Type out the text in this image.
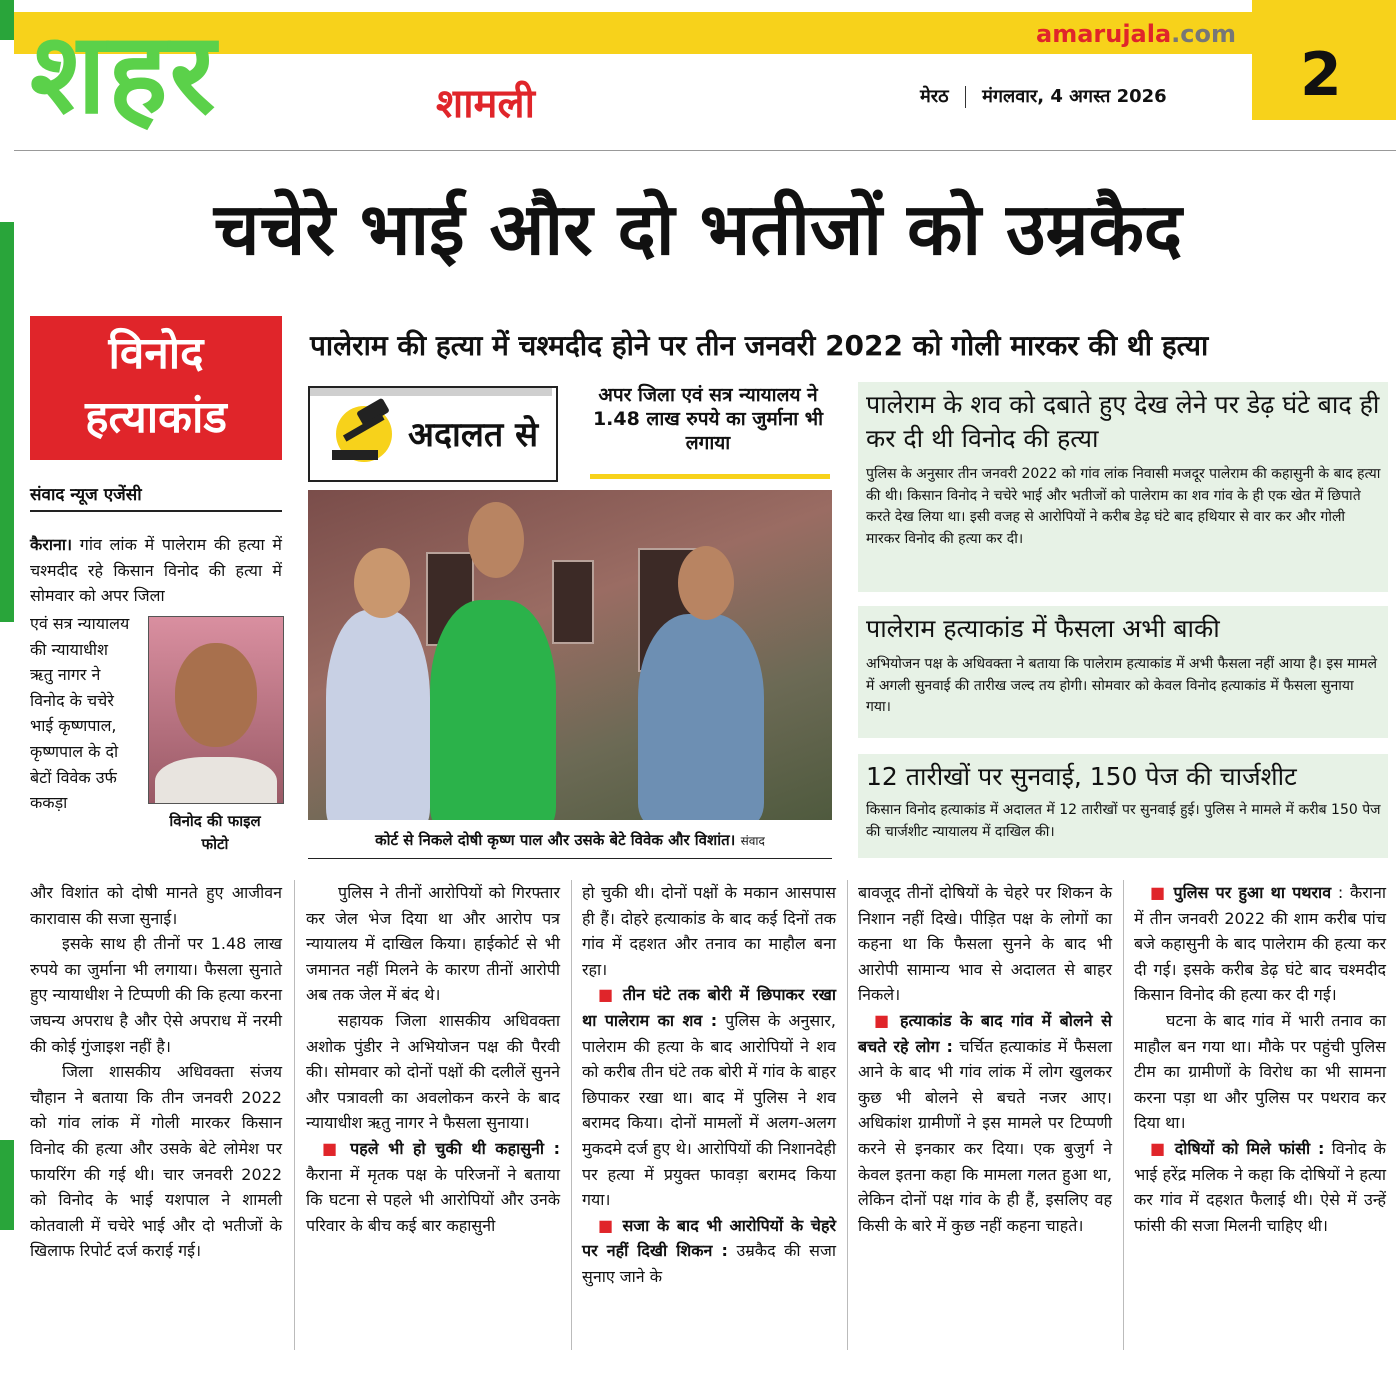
शहर	शामली
amarujala.com
मेरठ मंगलवार, 4 अगस्त 2026 2
चचेरे भाई और दो भतीजों को उम्रकैद
विनोद
हत्याकांड
पालेराम की हत्या में चश्मदीद होने पर तीन जनवरी 2022 को गोली मारकर की थी हत्या
संवाद न्यूज एजेंसी
अदालत से
अपर जिला एवं सत्र न्यायालय ने 1.48 लाख रुपये का जुर्माना भी लगाया
कोर्ट से निकले दोषी कृष्ण पाल और उसके बेटे विवेक और विशांत। संवाद
विनोद की फाइल
फोटो
कैराना। गांव लांक में पालेराम की हत्या में चश्मदीद रहे किसान विनोद की हत्या में सोमवार को अपर जिला
एवं सत्र न्यायालय की न्यायाधीश ऋतु नागर ने विनोद के चचेरे भाई कृष्णपाल, कृष्णपाल के दो बेटों विवेक उर्फ ककड़ा
और विशांत को दोषी मानते हुए आजीवन कारावास की सजा सुनाई।
इसके साथ ही तीनों पर 1.48 लाख रुपये का जुर्माना भी लगाया। फैसला सुनाते हुए न्यायाधीश ने टिप्पणी की कि हत्या करना जघन्य अपराध है और ऐसे अपराध में नरमी की कोई गुंजाइश नहीं है।
जिला शासकीय अधिवक्ता संजय चौहान ने बताया कि तीन जनवरी 2022 को गांव लांक में गोली मारकर किसान विनोद की हत्या और उसके बेटे लोमेश पर फायरिंग की गई थी। चार जनवरी 2022 को विनोद के भाई यशपाल ने शामली कोतवाली में चचेरे भाई और दो भतीजों के खिलाफ रिपोर्ट दर्ज कराई गई।
पुलिस ने तीनों आरोपियों को गिरफ्तार कर जेल भेज दिया था और आरोप पत्र न्यायालय में दाखिल किया। हाईकोर्ट से भी जमानत नहीं मिलने के कारण तीनों आरोपी अब तक जेल में बंद थे।
सहायक जिला शासकीय अधिवक्ता अशोक पुंडीर ने अभियोजन पक्ष की पैरवी की। सोमवार को दोनों पक्षों की दलीलें सुनने और पत्रावली का अवलोकन करने के बाद न्यायाधीश ऋतु नागर ने फैसला सुनाया।
■ पहले भी हो चुकी थी कहासुनी : कैराना में मृतक पक्ष के परिजनों ने बताया कि घटना से पहले भी आरोपियों और उनके परिवार के बीच कई बार कहासुनी
हो चुकी थी। दोनों पक्षों के मकान आसपास ही हैं। दोहरे हत्याकांड के बाद कई दिनों तक गांव में दहशत और तनाव का माहौल बना रहा।
■ तीन घंटे तक बोरी में छिपाकर रखा था पालेराम का शव : पुलिस के अनुसार, पालेराम की हत्या के बाद आरोपियों ने शव को करीब तीन घंटे तक बोरी में गांव के बाहर छिपाकर रखा था। बाद में पुलिस ने शव बरामद किया। दोनों मामलों में अलग-अलग मुकदमे दर्ज हुए थे। आरोपियों की निशानदेही पर हत्या में प्रयुक्त फावड़ा बरामद किया गया।
■ सजा के बाद भी आरोपियों के चेहरे पर नहीं दिखी शिकन : उम्रकैद की सजा सुनाए जाने के
बावजूद तीनों दोषियों के चेहरे पर शिकन के निशान नहीं दिखे। पीड़ित पक्ष के लोगों का कहना था कि फैसला सुनने के बाद भी आरोपी सामान्य भाव से अदालत से बाहर निकले।
■ हत्याकांड के बाद गांव में बोलने से बचते रहे लोग : चर्चित हत्याकांड में फैसला आने के बाद भी गांव लांक में लोग खुलकर कुछ भी बोलने से बचते नजर आए। अधिकांश ग्रामीणों ने इस मामले पर टिप्पणी करने से इनकार कर दिया। एक बुजुर्ग ने केवल इतना कहा कि मामला गलत हुआ था, लेकिन दोनों पक्ष गांव के ही हैं, इसलिए वह किसी के बारे में कुछ नहीं कहना चाहते।
■ पुलिस पर हुआ था पथराव : कैराना में तीन जनवरी 2022 की शाम करीब पांच बजे कहासुनी के बाद पालेराम की हत्या कर दी गई। इसके करीब डेढ़ घंटे बाद चश्मदीद किसान विनोद की हत्या कर दी गई।
घटना के बाद गांव में भारी तनाव का माहौल बन गया था। मौके पर पहुंची पुलिस टीम का ग्रामीणों के विरोध का भी सामना करना पड़ा था और पुलिस पर पथराव कर दिया था।
■ दोषियों को मिले फांसी : विनोद के भाई हरेंद्र मलिक ने कहा कि दोषियों ने हत्या कर गांव में दहशत फैलाई थी। ऐसे में उन्हें फांसी की सजा मिलनी चाहिए थी।
पालेराम के शव को दबाते हुए देख लेने पर डेढ़ घंटे बाद ही कर दी थी विनोद की हत्या
पुलिस के अनुसार तीन जनवरी 2022 को गांव लांक निवासी मजदूर पालेराम की कहासुनी के बाद हत्या की थी। किसान विनोद ने चचेरे भाई और भतीजों को पालेराम का शव गांव के ही एक खेत में छिपाते करते देख लिया था। इसी वजह से आरोपियों ने करीब डेढ़ घंटे बाद हथियार से वार कर और गोली मारकर विनोद की हत्या कर दी।
पालेराम हत्याकांड में फैसला अभी बाकी
अभियोजन पक्ष के अधिवक्ता ने बताया कि पालेराम हत्याकांड में अभी फैसला नहीं आया है। इस मामले में अगली सुनवाई की तारीख जल्द तय होगी। सोमवार को केवल विनोद हत्याकांड में फैसला सुनाया गया।
12 तारीखों पर सुनवाई, 150 पेज की चार्जशीट
किसान विनोद हत्याकांड में अदालत में 12 तारीखों पर सुनवाई हुई। पुलिस ने मामले में करीब 150 पेज की चार्जशीट न्यायालय में दाखिल की।
